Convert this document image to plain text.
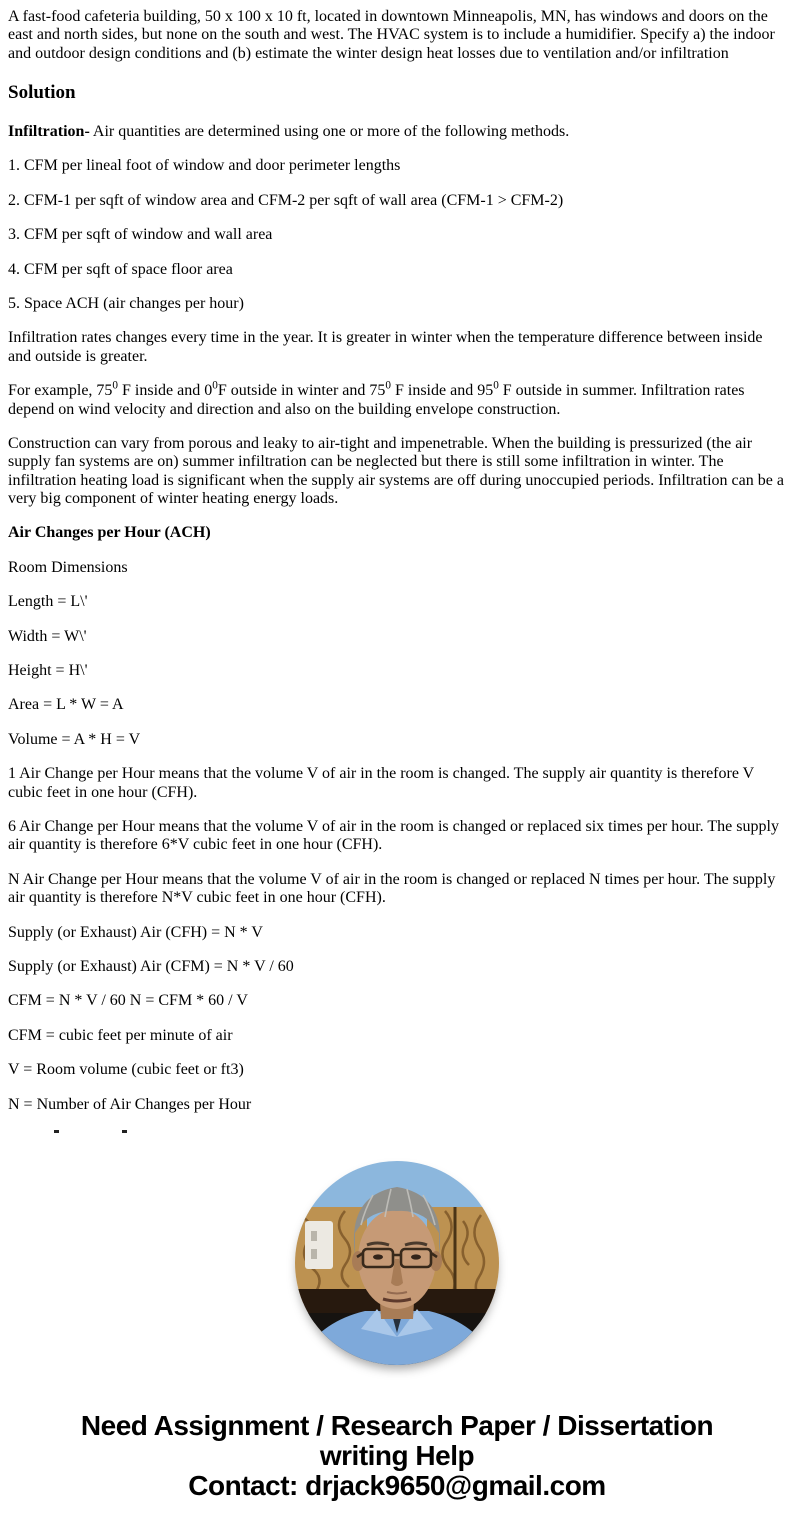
A fast-food cafeteria building, 50 x 100 x 10 ft, located in downtown Minneapolis, MN, has windows and doors on the east and north sides, but none on the south and west. The HVAC system is to include a humidifier. Specify a) the indoor and outdoor design conditions and (b) estimate the winter design heat losses due to ventilation and/or infiltration

Solution

Infiltration- Air quantities are determined using one or more of the following methods.

1. CFM per lineal foot of window and door perimeter lengths

2. CFM-1 per sqft of window area and CFM-2 per sqft of wall area (CFM-1 > CFM-2)

3. CFM per sqft of window and wall area

4. CFM per sqft of space floor area

5. Space ACH (air changes per hour)

Infiltration rates changes every time in the year. It is greater in winter when the temperature difference between inside and outside is greater.

For example, $75^0$ F inside and $0^0F$ outside in winter and $75^0$ F inside and $95^0$ F outside in summer. Infiltration rates depend on wind velocity and direction and also on the building envelope construction.

Construction can vary from porous and leaky to air-tight and impenetrable. When the building is pressurized (the air supply fan systems are on) summer infiltration can be neglected but there is still some infiltration in winter. The infiltration heating load is significant when the supply air systems are off during unoccupied periods. Infiltration can be a very big component of winter heating energy loads.

Air Changes per Hour (ACH)

Room Dimensions

Length = L\'

Width = W\'

Height = H\'

Area = L * W = A

Volume = A * H = V

1 Air Change per Hour means that the volume V of air in the room is changed. The supply air quantity is therefore V cubic feet in one hour (CFH).

6 Air Change per Hour means that the volume V of air in the room is changed or replaced six times per hour. The supply air quantity is therefore 6*V cubic feet in one hour (CFH).

N Air Change per Hour means that the volume V of air in the room is changed or replaced N times per hour. The supply air quantity is therefore N*V cubic feet in one hour (CFH).

Supply (or Exhaust) Air (CFH) = N * V

Supply (or Exhaust) Air (CFM) = N * V / 60

CFM = N * V / 60 N = CFM * 60 / V

CFM = cubic feet per minute of air

V = Room volume (cubic feet or ft3)

N = Number of Air Changes per Hour

Need Assignment / Research Paper / Dissertation
writing Help
Contact: drjack9650@gmail.com
